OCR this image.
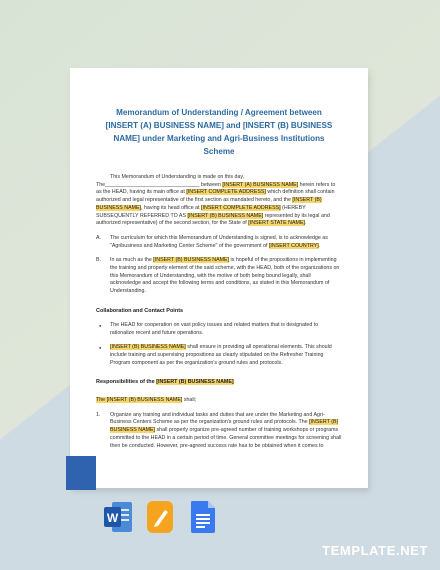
Memorandum of Understanding / Agreement between [INSERT (A) BUSINESS NAME] and [INSERT (B) BUSINESS NAME] under Marketing and Agri-Business Institutions Scheme
This Memorandum of Understanding is made on this day,
The________________________________ between [INSERT (A) BUSINESS NAME] herein refers to as the HEAD, having its main office at [INSERT COMPLETE ADDRESS] which definition shall contain authorized and legal representative of the first section as mandated hereto, and the [INSERT (B) BUSINESS NAME], having its head office at [INSERT COMPLETE ADDRESS] (HEREBY SUBSEQUENTLY REFERRED TO AS [INSERT (B) BUSINESS NAME] represented by its legal and authorized representative) of the second section, for the State of [INSERT STATE NAME].
A. The curriculum for which this Memorandum of Understanding is signed, is to acknowledge as "Agribusiness and Marketing Center Scheme" of the government of [INSERT COUNTRY].
B. In as much as the [INSERT (B) BUSINESS NAME] is hopeful of the propositions in implementing the training and property element of the said scheme, with the HEAD, both of the organizations on this Memorandum of Understanding, with the motive of both being bound legally, shall acknowledge and accept the following terms and conditions, as stated in this Memorandum of Understanding.
Collaboration and Contact Points
● The HEAD for cooperation on vast policy issues and related matters that is designated to rationalize recent and future operations.
● [INSERT (B) BUSINESS NAME] shall ensure in providing all operational elements. This should include training and supervising propositions as clearly stipulated on the Refresher Training Program component as per the organization's ground rules and protocols.
Responsibilities of the [INSERT (B) BUSINESS NAME]
The [INSERT (B) BUSINESS NAME] shall;
1. Organize any training and individual tasks and duties that are under the Marketing and Agri-Business Centers Scheme as per the organization's ground rules and protocols. The [INSERT (B) BUSINESS NAME] shall properly organize pre-agreed number of training workshops or programs committed to the HEAD in a certain period of time. General committee meetings for screening shall then be conducted. However, pre-agreed success rate has to be obtained when it comes to
W
TEMPLATE.NET
